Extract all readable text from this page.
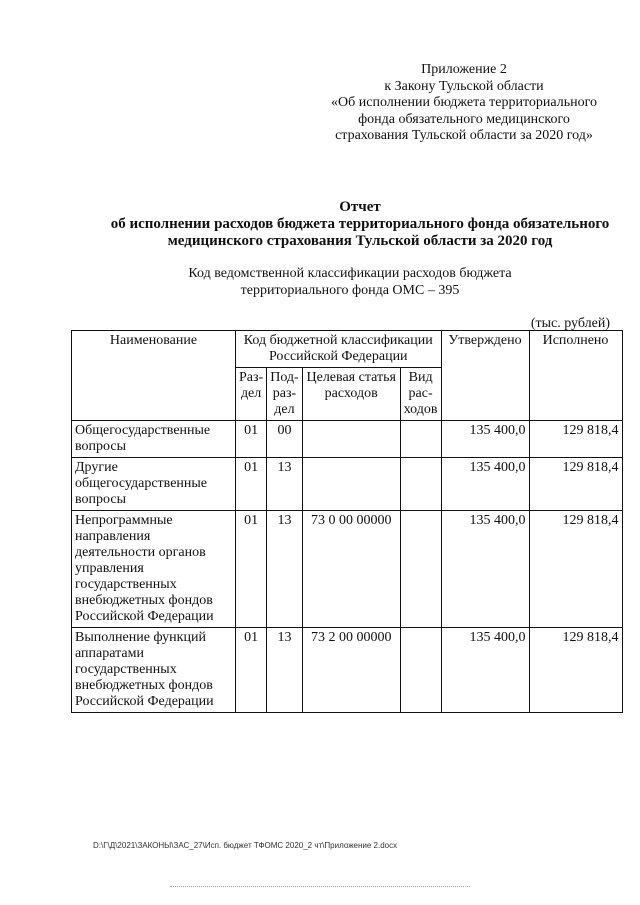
Приложение 2
к Закону Тульской области
«Об исполнении бюджета территориального
фонда обязательного медицинского
страхования Тульской области за 2020 год»
Отчет
об исполнении расходов бюджета территориального фонда обязательного
медицинского страхования Тульской области за 2020 год
Код ведомственной классификации расходов бюджета
территориального фонда ОМС – 395
(тыс. рублей)
Наименование	Код бюджетной классификации Российской Федерации				Утверждено	Исполнено
	Раз-дел	Под-раз-дел	Целевая статья расходов	Вид рас-ходов		
Общегосударственные вопросы	01	00			135 400,0	129 818,4
Другие общегосударственные вопросы	01	13			135 400,0	129 818,4
Непрограммные направления деятельности органов управления государственных внебюджетных фондов Российской Федерации	01	13	73 0 00 00000		135 400,0	129 818,4
Выполнение функций аппаратами государственных внебюджетных фондов Российской Федерации	01	13	73 2 00 00000		135 400,0	129 818,4
D:\Г\Д\2021\ЗАКОНЫ\ЗАС_27\Исп. бюджет ТФОМС 2020_2 чт\Приложение 2.docx
